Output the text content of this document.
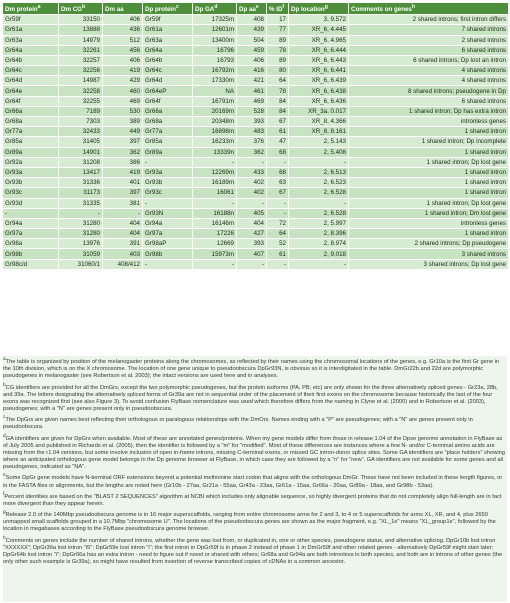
Dm protein$^a$	Dm $CG^b$	Dm aa	Dp protein$^c$	Dp $GA^d$	Dp $aa^e$	% $ID^f$	Dp location$^g$	Comments on genes$^h$
Gr59f	33150	406	Gr59f	17325m	408	17	3, 9.572	2 shared introns; first intron differs
Gr61a	13888	436	Gr61a	12601m	439	77	XR_6, 4.445	7 shared introns
Gr63a	14979	512	Gr63a	13400m	504	89	XR_6, 4.965	2 shared introns
Gr64a	32261	456	Gr64a	16796	459	78	XR_6, 6.444	6 shared introns
Gr64b	32257	406	Gr64b	16793	406	89	XR_6, 6.443	6 shared introns; Dp lost an intron
Gr64c	32256	419	Gr64c	16792m	416	80	XR_6, 6.441	4 shared introns
Gr64d	14987	429	Gr64d	17330m	421	64	XR_6, 6.439	4 shared introns
Gr64e	32258	460	Gr64eP	NA	461	78	XR_6, 6.438	8 shared introns; pseudogene in Dp
Gr64f	32255	469	Gr64f	16791m	469	84	XR_6, 6.436	6 shared introns
Gr66a	7189	530	Gr66a	20169m	528	84	XR_3a, 0.017	1 shared intron; Dp has extra intron
Gr68a	7303	389	Gr68a	20348m	393	67	XR_8, 4.366	intronless genes
Gr77a	32433	449	Gr77a	16898m	483	61	XR_8, 8.161	1 shared intron
Gr85a	31405	397	Gr85a	16233m	376	47	2, 5.143	1 shared intron; Dp incomplete
Gr89a	14901	362	Gr89a	13339n	362	68	2, 5.408	1 shared intron
Gr92a	31208	386	-	-	-	-	-	1 shared intron; Dp lost gene
Gr93a	13417	419	Gr93a	12269m	433	68	2, 6.513	1 shared intron
Gr93b	31336	401	Gr93b	16189m	402	63	2, 6.523	1 shared intron
Gr93c	31173	397	Gr93c	16061	402	67	2, 6.528	1 shared intron
Gr93d	31335	381	-	-	-	-	-	1 shared intron; Dp lost gene
-	-	-	Gr93N	16188n	405	-	2, 6.528	1 shared intron; Dm lost gene
Gr94a	31280	404	Gr94a	16146m	404	72	2, 5.997	intronless genes
Gr97a	31280	404	Gr97a	17226	427	64	2, 8.396	1 shared intron
Gr98a	13976	391	Gr98aP	12669	393	52	2, 8.974	2 shared introns; Dp pseudogene
Gr98b	31059	403	Gr98b	15973m	407	61	2, 9.018	3 shared introns
Gr98c/d	31060/1	408/412	-	-	-	-	-	3 shared introns; Dp lost gene

$^a$The table is organized by position of the melanogaster proteins along the chromosomes, as reflected by their names using the chromosomal locations of the genes, e.g. Gr10a is the first Gr gene in the 10th division, which is on the X chromosome. The location of one gene unique to pseudoobscura DpGr93N, is obvious so it is interdigitated in the table. DmGr22b and 22d are polymorphic pseudogenes in melanogaster (see Robertson et al. 2003); the intact versions are used here and in analyses.

$^b$CG identifiers are provided for all the DmGrs, except the two polymorphic pseudogenes, but the protein isoforms (PA, PB, etc) are only shown for the three alternatively spliced genes - Gr23a, 28b, and 39a. The letters designating the alternatively spliced forms of Gr39a are not in sequential order of the placement of their first exons on the chromosome because historically the last of the four exons was recognized first (see also Figure 3). To avoid confusion FlyBase nomenclature was used which therefore differs from the naming in Clyne et al. (2000) and in Robertson et al. (2003), pseudogenes; with a "N" are genes present only in pseudoobscura.

$^c$The DpGrs are given names best reflecting their orthologous or paralogous relationships with the DmOrs. Names ending with a "P" are pseudogenes; with a "N" are genes present only in pseudoobscura.

$^d$GA identifiers are given for DpGrs when available. Most of these are annotated genes/proteins. When my gene models differ from those in release 1.04 of the Dpse genome annotation in FlyBase as of July 2005 and published in Richards et al. (2005), then the identifier is followed by a "m" for "modified". Most of these differences are instances where a few N- and/or C-terminal amino acids are missing from the r1.04 versions, but some involve inclusion of open in-frame introns, missing C-terminal exons, or missed GC intron-donor splice sites. Some GA identifiers are "place holders" showing where an anticipated orthologous gene model belongs in the Dp genome browser at FlyBase, in which case they are followed by a "n" for "new". GA identifiers are not available for some genes and all pseudogenes, indicated as "NA".

$^e$Some DpGr gene models have N-terminal ORF extensions beyond a potential methionine start codon that aligns with the orthologous DmGr. These have not been included in these length figures, or in the FASTA files or alignments, but the lengths are noted here (Gr10b - 27aa, Gr21a - 55aa, Gr43a - 23aa, Gr61a - 15aa, Gr66a - 20aa, Gr89a - 18aa, and Gr98b - 53aa).

$^f$Percent identities are based on the "BLAST 2 SEQUENCES" algorithm at NCBI which includes only alignable sequence, so highly divergent proteins that do not completely align full-length are in fact more divergent than they appear herein.

$^g$Release 2.0 of the 140Mbp pseudoobscura genome is in 16 major superscaffolds, ranging from entire chromosome arms for 2 and 3, to 4 or 5 superscaffolds for arms XL, XR, and 4, plus 2650 unmapped small scaffolds grouped in a 10.7Mbp "chromosome U". The locations of the pseudoobscura genes are shown as the major fragment, e.g. "XL_1e" means "XL_group1e", followed by the location in megabases according to the FlyBase pseudoobscura genome browser.

$^h$Comments on genes include the number of shared introns, whether the gene was lost from, or duplicated in, one or other species, pseudogene status, and alternative splicing. DpGr10b lost intron "XXXXXX"; DpGr36a lost intron "i5"; DpGr59e lost intron "i"; the first intron in DpGr59f is in phase 2 instead of phase 1 in DmGr59f and other related genes - alternatively DpGr59f might start later; DpGr64b lost intron "i"; DpGr66a has an extra intron - need to figure out if novel or shared with others; Gr68a and Gr94a are both intronless in both species, and both are in introns of other genes (the only other such example is Gr39a), so might have resulted from insertion of reverse transcribed copies of cDNAs in a common ancestor.
